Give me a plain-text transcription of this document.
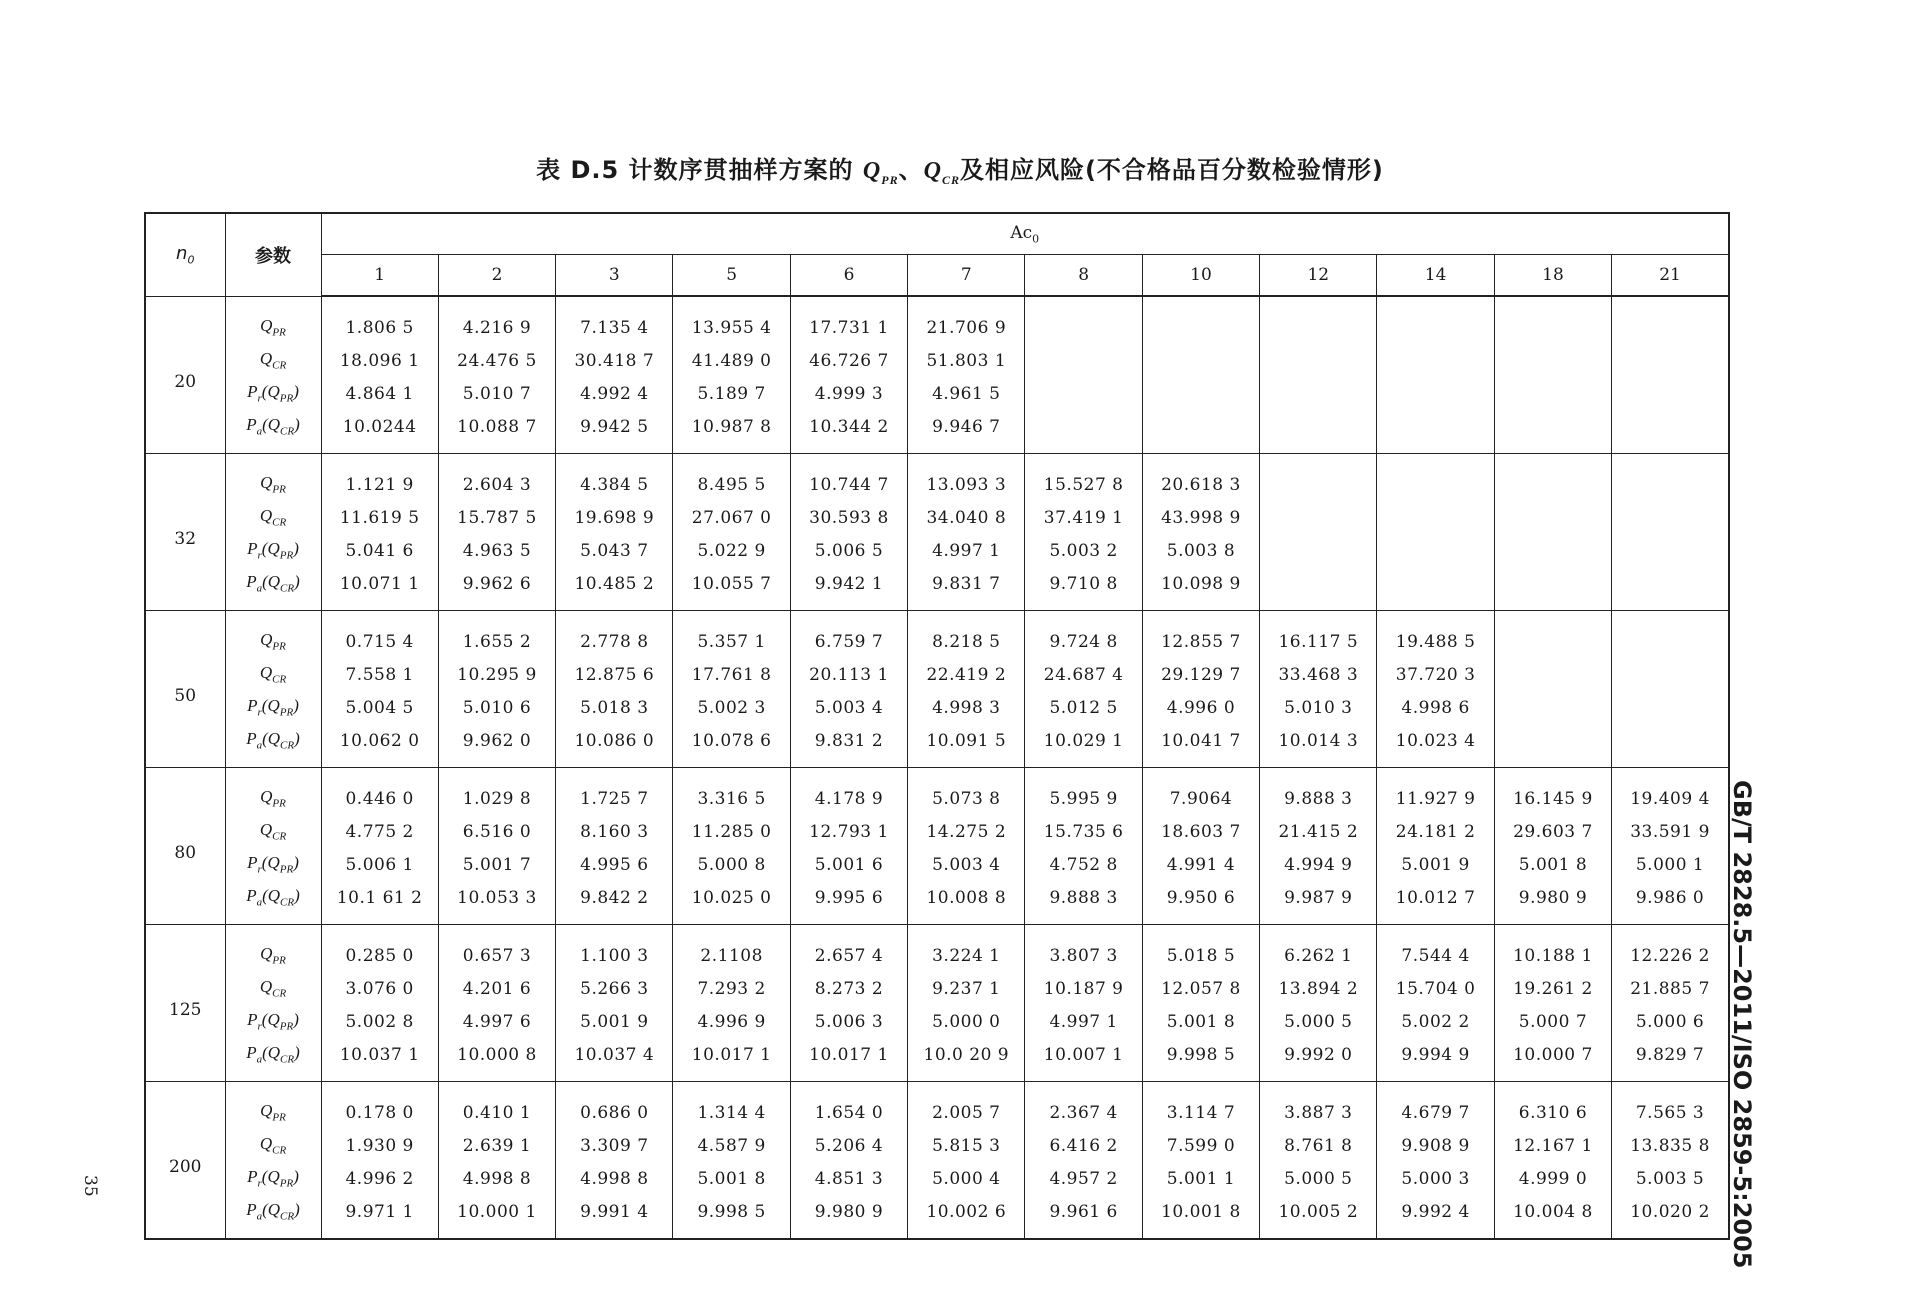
表 D.5 计数序贯抽样方案的 $Q_{PR}$、$Q_{CR}$及相应风险(不合格品百分数检验情形)
$n_0$	参数	$Ac_0$
		1	2	3	5	6	7	8	10	12	14	18	21
20	$Q_{PR}$	1.806 5	4.216 9	7.135 4	13.955 4	17.731 1	21.706 9						
	$Q_{CR}$	18.096 1	24.476 5	30.418 7	41.489 0	46.726 7	51.803 1						
	$P_r(Q_{PR})$	4.864 1	5.010 7	4.992 4	5.189 7	4.999 3	4.961 5						
	$P_a(Q_{CR})$	10.0244	10.088 7	9.942 5	10.987 8	10.344 2	9.946 7						
32	$Q_{PR}$	1.121 9	2.604 3	4.384 5	8.495 5	10.744 7	13.093 3	15.527 8	20.618 3				
	$Q_{CR}$	11.619 5	15.787 5	19.698 9	27.067 0	30.593 8	34.040 8	37.419 1	43.998 9				
	$P_r(Q_{PR})$	5.041 6	4.963 5	5.043 7	5.022 9	5.006 5	4.997 1	5.003 2	5.003 8				
	$P_a(Q_{CR})$	10.071 1	9.962 6	10.485 2	10.055 7	9.942 1	9.831 7	9.710 8	10.098 9				
50	$Q_{PR}$	0.715 4	1.655 2	2.778 8	5.357 1	6.759 7	8.218 5	9.724 8	12.855 7	16.117 5	19.488 5		
	$Q_{CR}$	7.558 1	10.295 9	12.875 6	17.761 8	20.113 1	22.419 2	24.687 4	29.129 7	33.468 3	37.720 3		
	$P_r(Q_{PR})$	5.004 5	5.010 6	5.018 3	5.002 3	5.003 4	4.998 3	5.012 5	4.996 0	5.010 3	4.998 6		
	$P_a(Q_{CR})$	10.062 0	9.962 0	10.086 0	10.078 6	9.831 2	10.091 5	10.029 1	10.041 7	10.014 3	10.023 4		
80	$Q_{PR}$	0.446 0	1.029 8	1.725 7	3.316 5	4.178 9	5.073 8	5.995 9	7.9064	9.888 3	11.927 9	16.145 9	19.409 4
	$Q_{CR}$	4.775 2	6.516 0	8.160 3	11.285 0	12.793 1	14.275 2	15.735 6	18.603 7	21.415 2	24.181 2	29.603 7	33.591 9
	$P_r(Q_{PR})$	5.006 1	5.001 7	4.995 6	5.000 8	5.001 6	5.003 4	4.752 8	4.991 4	4.994 9	5.001 9	5.001 8	5.000 1
	$P_a(Q_{CR})$	10.1 61 2	10.053 3	9.842 2	10.025 0	9.995 6	10.008 8	9.888 3	9.950 6	9.987 9	10.012 7	9.980 9	9.986 0
125	$Q_{PR}$	0.285 0	0.657 3	1.100 3	2.1108	2.657 4	3.224 1	3.807 3	5.018 5	6.262 1	7.544 4	10.188 1	12.226 2
	$Q_{CR}$	3.076 0	4.201 6	5.266 3	7.293 2	8.273 2	9.237 1	10.187 9	12.057 8	13.894 2	15.704 0	19.261 2	21.885 7
	$P_r(Q_{PR})$	5.002 8	4.997 6	5.001 9	4.996 9	5.006 3	5.000 0	4.997 1	5.001 8	5.000 5	5.002 2	5.000 7	5.000 6
	$P_a(Q_{CR})$	10.037 1	10.000 8	10.037 4	10.017 1	10.017 1	10.0 20 9	10.007 1	9.998 5	9.992 0	9.994 9	10.000 7	9.829 7
200	$Q_{PR}$	0.178 0	0.410 1	0.686 0	1.314 4	1.654 0	2.005 7	2.367 4	3.114 7	3.887 3	4.679 7	6.310 6	7.565 3
	$Q_{CR}$	1.930 9	2.639 1	3.309 7	4.587 9	5.206 4	5.815 3	6.416 2	7.599 0	8.761 8	9.908 9	12.167 1	13.835 8
	$P_r(Q_{PR})$	4.996 2	4.998 8	4.998 8	5.001 8	4.851 3	5.000 4	4.957 2	5.001 1	5.000 5	5.000 3	4.999 0	5.003 5
	$P_a(Q_{CR})$	9.971 1	10.000 1	9.991 4	9.998 5	9.980 9	10.002 6	9.961 6	10.001 8	10.005 2	9.992 4	10.004 8	10.020 2 GB/T 2828.5—2011/ISO 2859-5:2005
35
